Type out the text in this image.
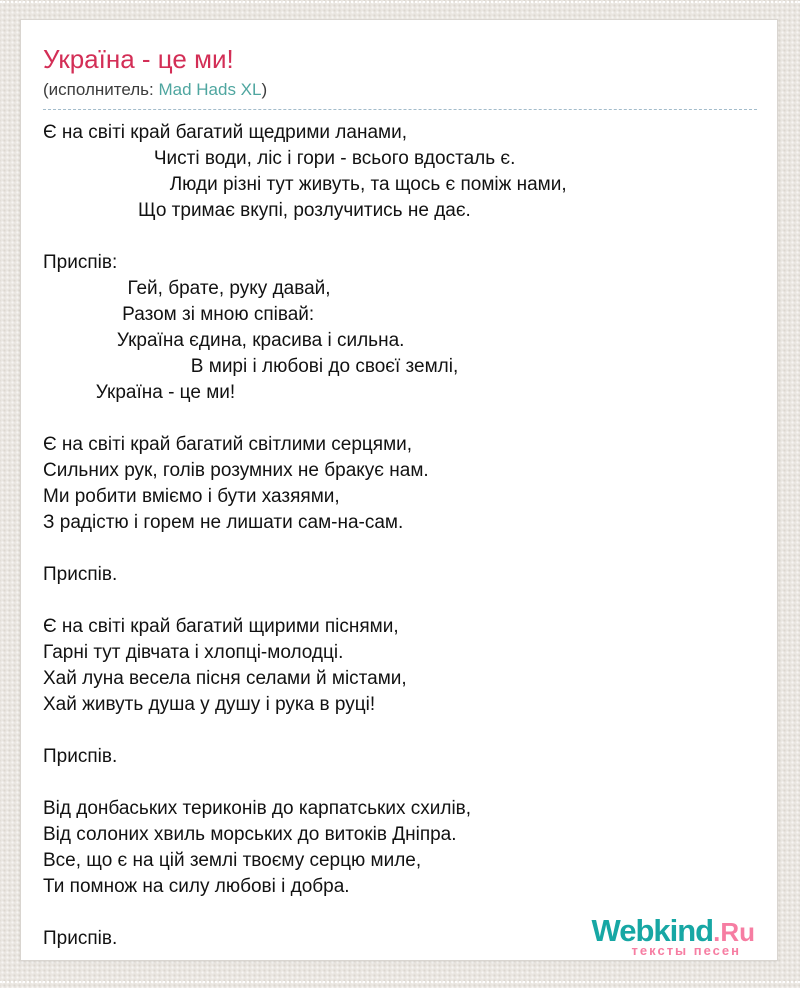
Україна - це ми!
(исполнитель: Mad Hads XL)
Є на світі край багатий щедрими ланами,
Чисті води, ліс і гори - всього вдосталь є.
Люди різні тут живуть, та щось є поміж нами,
Що тримає вкупі, розлучитись не дає.
Приспів:
Гей, брате, руку давай,
Разом зі мною співай:
Україна єдина, красива і сильна.
В мирі і любові до своєї землі,
Україна - це ми!
Є на світі край багатий світлими серцями,
Сильних рук, голів розумних не бракує нам.
Ми робити вміємо і бути хазяями,
З радістю і горем не лишати сам-на-сам.
Приспів.
Є на світі край багатий щирими піснями,
Гарні тут дівчата і хлопці-молодці.
Хай луна весела пісня селами й містами,
Хай живуть душа у душу і рука в руці!
Приспів.
Від донбаських териконів до карпатських схилів,
Від солоних хвиль морських до витоків Дніпра.
Все, що є на цій землі твоєму серцю миле,
Ти помнож на силу любові і добра.
Приспів.	Webkind.Ru
тексты песен
